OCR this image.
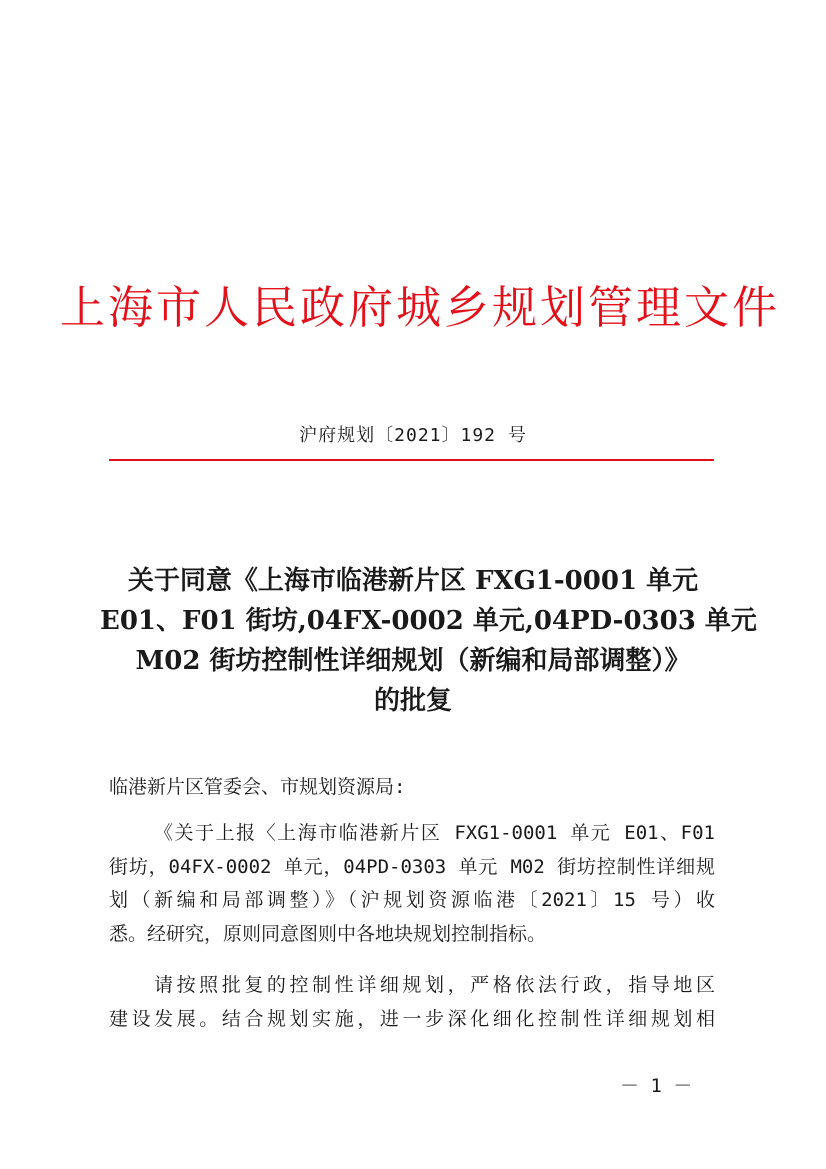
上海市人民政府城乡规划管理文件
沪府规划〔2021〕192 号
关于同意《上海市临港新片区 FXG1-0001 单元
E01、F01 街坊,04FX-0002 单元,04PD-0303 单元
M02 街坊控制性详细规划（新编和局部调整）》
的批复
临港新片区管委会、市规划资源局:
《关于上报〈上海市临港新片区 FXG1-0001 单元 E01、F01
街坊，04FX-0002 单元，04PD-0303 单元 M02 街坊控制性详细规
划（新编和局部调整）》（沪规划资源临港〔2021〕15 号）收
悉。经研究，原则同意图则中各地块规划控制指标。
请按照批复的控制性详细规划，严格依法行政，指导地区
建设发展。结合规划实施，进一步深化细化控制性详细规划相
－ 1 －
